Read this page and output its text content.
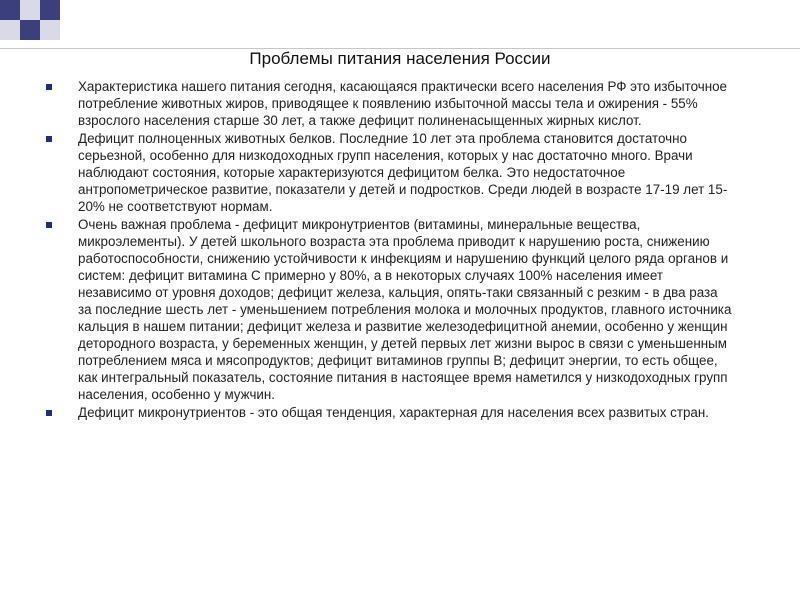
Проблемы питания населения России
Характеристика нашего питания сегодня, касающаяся практически всего населения РФ это избыточное потребление животных жиров, приводящее к появлению избыточной массы тела и ожирения - 55% взрослого населения старше 30 лет, а также дефицит полиненасыщенных жирных кислот.
Дефицит полноценных животных белков. Последние 10 лет эта проблема становится достаточно серьезной, особенно для низкодоходных групп населения, которых у нас достаточно много. Врачи наблюдают состояния, которые характеризуются дефицитом белка. Это недостаточное антропометрическое развитие, показатели у детей и подростков. Среди людей в возрасте 17-19 лет 15-20% не соответствуют нормам.
Очень важная проблема - дефицит микронутриентов (витамины, минеральные вещества, микроэлементы). У детей школьного возраста эта проблема приводит к нарушению роста, снижению работоспособности, снижению устойчивости к инфекциям и нарушению функций целого ряда органов и систем: дефицит витамина С примерно у 80%, а в некоторых случаях 100% населения имеет независимо от уровня доходов; дефицит железа, кальция, опять-таки связанный с резким - в два раза за последние шесть лет - уменьшением потребления молока и молочных продуктов, главного источника кальция в нашем питании; дефицит железа и развитие железодефицитной анемии, особенно у женщин детородного возраста, у беременных женщин, у детей первых лет жизни вырос в связи с уменьшенным потреблением мяса и мясопродуктов; дефицит витаминов группы В; дефицит энергии, то есть общее, как интегральный показатель, состояние питания в настоящее время наметился у низкодоходных групп населения, особенно у мужчин.
Дефицит микронутриентов - это общая тенденция, характерная для населения всех развитых стран.
